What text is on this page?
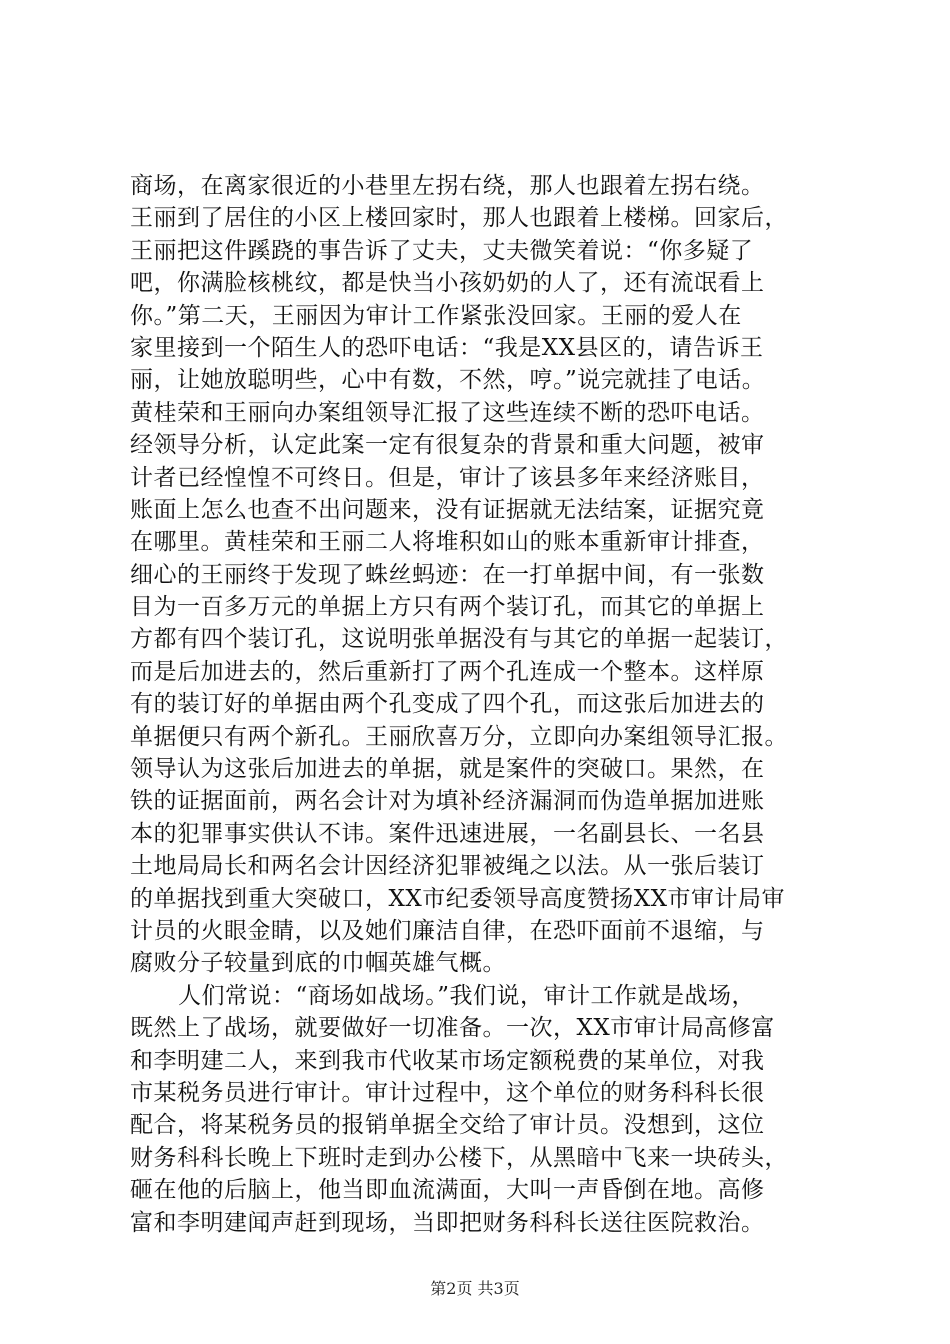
商场，在离家很近的小巷里左拐右绕，那人也跟着左拐右绕。
王丽到了居住的小区上楼回家时，那人也跟着上楼梯。回家后，
王丽把这件蹊跷的事告诉了丈夫，丈夫微笑着说：“你多疑了
吧，你满脸核桃纹，都是快当小孩奶奶的人了，还有流氓看上
你。”第二天，王丽因为审计工作紧张没回家。王丽的爱人在
家里接到一个陌生人的恐吓电话：“我是XX县区的，请告诉王
丽，让她放聪明些，心中有数，不然，哼。”说完就挂了电话。
黄桂荣和王丽向办案组领导汇报了这些连续不断的恐吓电话。
经领导分析，认定此案一定有很复杂的背景和重大问题，被审
计者已经惶惶不可终日。但是，审计了该县多年来经济账目，
账面上怎么也查不出问题来，没有证据就无法结案，证据究竟
在哪里。黄桂荣和王丽二人将堆积如山的账本重新审计排查，
细心的王丽终于发现了蛛丝蚂迹：在一打单据中间，有一张数
目为一百多万元的单据上方只有两个装订孔，而其它的单据上
方都有四个装订孔，这说明张单据没有与其它的单据一起装订，
而是后加进去的，然后重新打了两个孔连成一个整本。这样原
有的装订好的单据由两个孔变成了四个孔，而这张后加进去的
单据便只有两个新孔。王丽欣喜万分，立即向办案组领导汇报。
领导认为这张后加进去的单据，就是案件的突破口。果然，在
铁的证据面前，两名会计对为填补经济漏洞而伪造单据加进账
本的犯罪事实供认不讳。案件迅速进展，一名副县长、一名县
土地局局长和两名会计因经济犯罪被绳之以法。从一张后装订
的单据找到重大突破口，XX市纪委领导高度赞扬XX市审计局审
计员的火眼金睛，以及她们廉洁自律，在恐吓面前不退缩，与
腐败分子较量到底的巾帼英雄气概。
人们常说：“商场如战场。”我们说，审计工作就是战场，
既然上了战场，就要做好一切准备。一次，XX市审计局高修富
和李明建二人，来到我市代收某市场定额税费的某单位，对我
市某税务员进行审计。审计过程中，这个单位的财务科科长很
配合，将某税务员的报销单据全交给了审计员。没想到，这位
财务科科长晚上下班时走到办公楼下，从黑暗中飞来一块砖头，
砸在他的后脑上，他当即血流满面，大叫一声昏倒在地。高修
富和李明建闻声赶到现场，当即把财务科科长送往医院救治。
第2页 共3页
